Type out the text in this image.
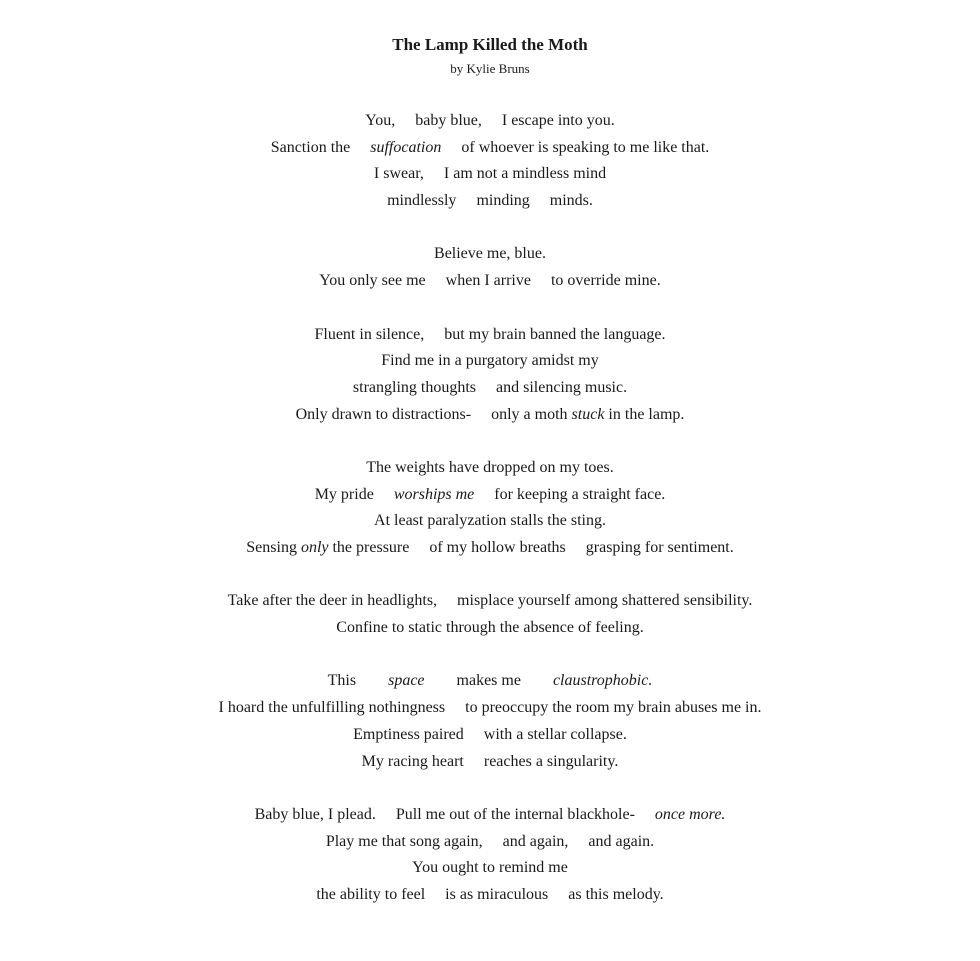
The Lamp Killed the Moth
by Kylie Bruns
You, baby blue, I escape into you.
Sanction the suffocation of whoever is speaking to me like that.
I swear, I am not a mindless mind
mindlessly minding minds.
Believe me, blue.
You only see me when I arrive to override mine.
Fluent in silence, but my brain banned the language.
Find me in a purgatory amidst my
strangling thoughts and silencing music.
Only drawn to distractions- only a moth stuck in the lamp.
The weights have dropped on my toes.
My pride worships me for keeping a straight face.
At least paralyzation stalls the sting.
Sensing only the pressure of my hollow breaths grasping for sentiment.
Take after the deer in headlights, misplace yourself among shattered sensibility.
Confine to static through the absence of feeling.
This space makes me claustrophobic.
I hoard the unfulfilling nothingness to preoccupy the room my brain abuses me in.
Emptiness paired with a stellar collapse.
My racing heart reaches a singularity.
Baby blue, I plead. Pull me out of the internal blackhole- once more.
Play me that song again, and again, and again.
You ought to remind me
the ability to feel is as miraculous as this melody.
